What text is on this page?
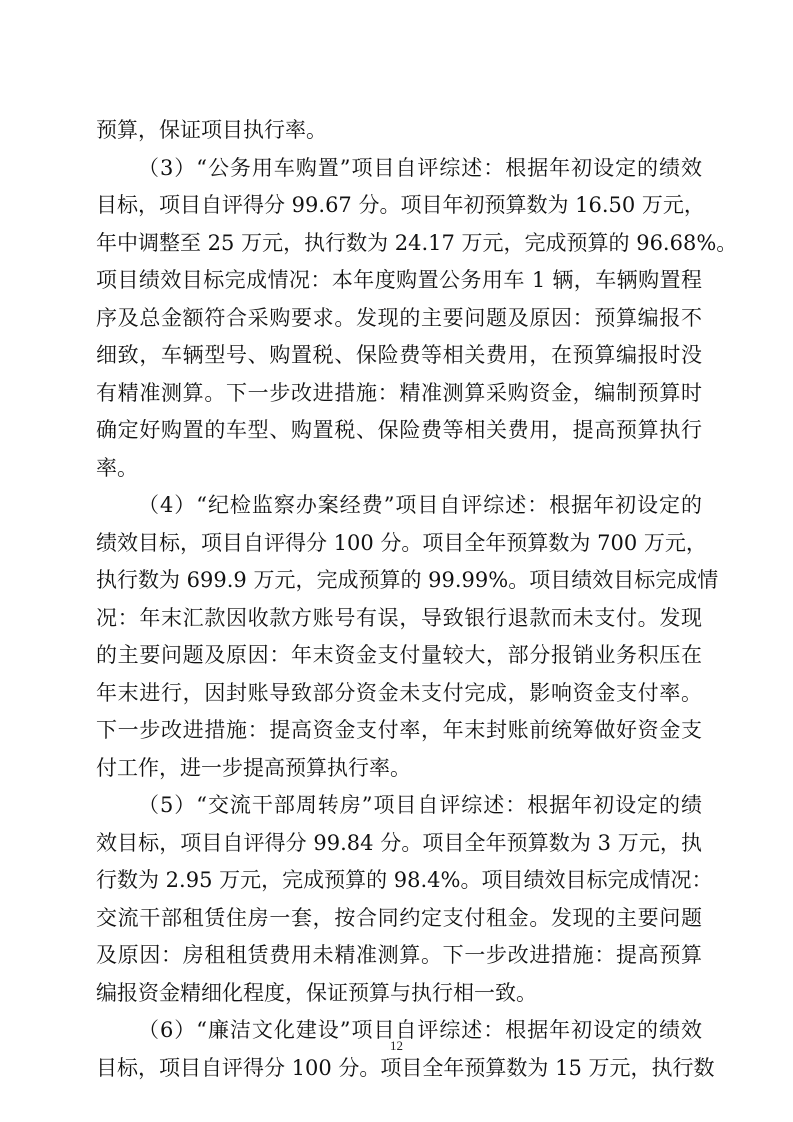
预算，保证项目执行率。
（3）“公务用车购置”项目自评综述：根据年初设定的绩效
目标，项目自评得分 99.67 分。项目年初预算数为 16.50 万元，
年中调整至 25 万元，执行数为 24.17 万元，完成预算的 96.68%。
项目绩效目标完成情况：本年度购置公务用车 1 辆，车辆购置程
序及总金额符合采购要求。发现的主要问题及原因：预算编报不
细致，车辆型号、购置税、保险费等相关费用，在预算编报时没
有精准测算。下一步改进措施：精准测算采购资金，编制预算时
确定好购置的车型、购置税、保险费等相关费用，提高预算执行
率。
（4）“纪检监察办案经费”项目自评综述：根据年初设定的
绩效目标，项目自评得分 100 分。项目全年预算数为 700 万元，
执行数为 699.9 万元，完成预算的 99.99%。项目绩效目标完成情
况：年末汇款因收款方账号有误，导致银行退款而未支付。发现
的主要问题及原因：年末资金支付量较大，部分报销业务积压在
年末进行，因封账导致部分资金未支付完成，影响资金支付率。
下一步改进措施：提高资金支付率，年末封账前统筹做好资金支
付工作，进一步提高预算执行率。
（5）“交流干部周转房”项目自评综述：根据年初设定的绩
效目标，项目自评得分 99.84 分。项目全年预算数为 3 万元，执
行数为 2.95 万元，完成预算的 98.4%。项目绩效目标完成情况：
交流干部租赁住房一套，按合同约定支付租金。发现的主要问题
及原因：房租租赁费用未精准测算。下一步改进措施：提高预算
编报资金精细化程度，保证预算与执行相一致。
（6）“廉洁文化建设”项目自评综述：根据年初设定的绩效
目标，项目自评得分 100 分。项目全年预算数为 15 万元，执行数
12
